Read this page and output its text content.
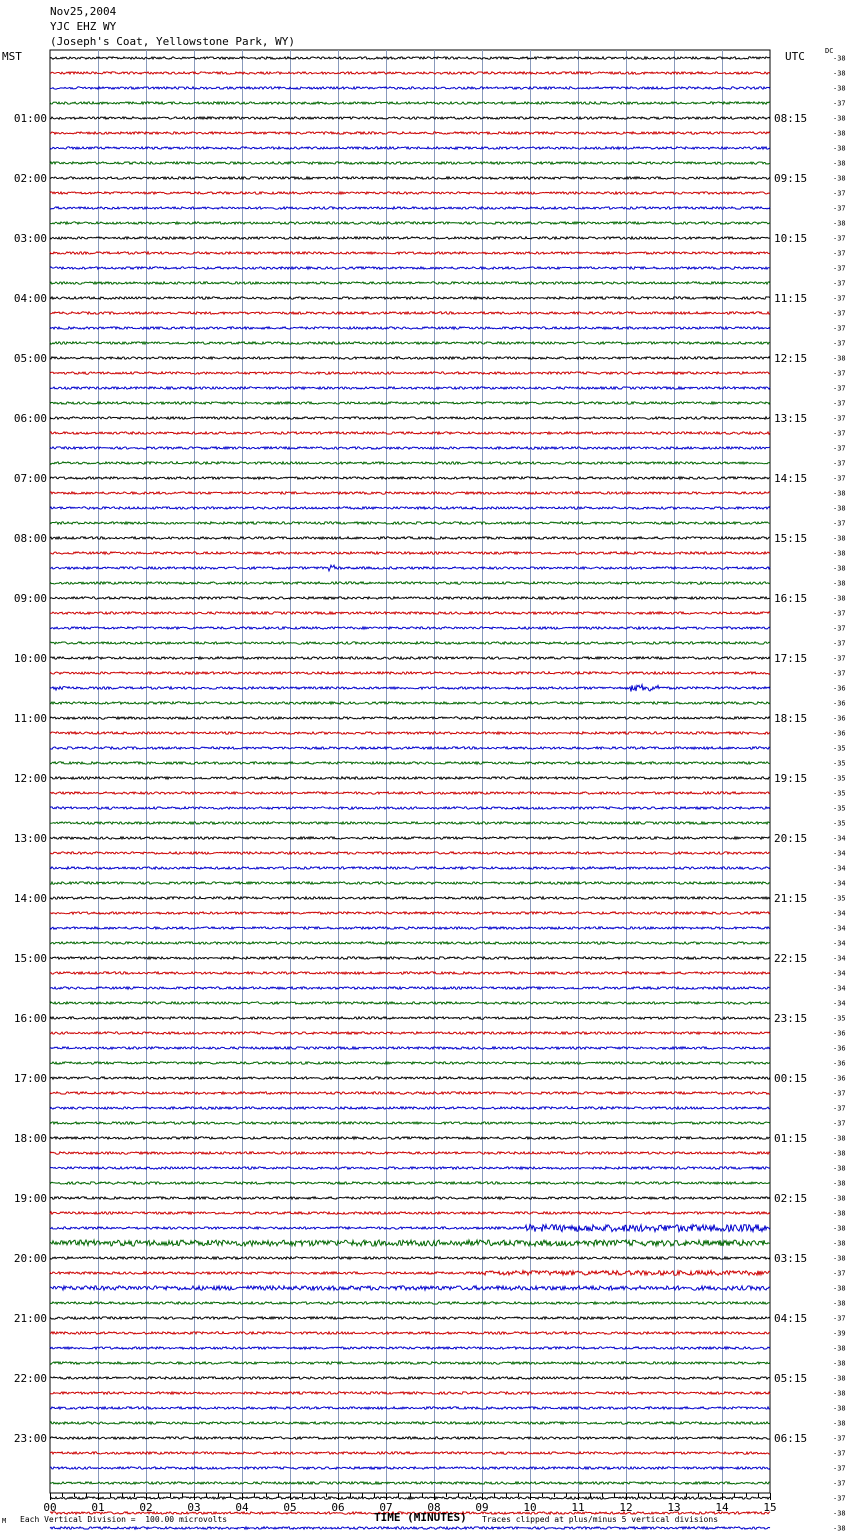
Nov25,2004
YJC EHZ WY
(Joseph's Coat, Yellowstone Park, WY)
MST	UTC	DC
-38
-38
-38
-37
-38
-38
-38
-38
-38
-37
-37
-38
-37
-37
-37
-37
-37
-37
-37
-37
-38
-37
-37
-37
-37
-37
-37
-37
-37
-38
-38
-37
-38
-38
-38
-38
-38
-37
-37
-37
-37
-37
-36
-36
-36
-36
-35
-35
-35
-35
-35
-35
-34
-34
-34
-34
-35
-34
-34
-34
-34
-34
-34
-34
-35
-36
-36
-36
-36
-37
-37
-37
-38
-38
-38
-38
-38
-38
-38
-38
-38
-37
-38
-38
-37
-39
-38
-38
-38
-38
-38
-38
-37
-37
-37
-37
-37
-38
-38
01:00	08:15
02:00	09:15
03:00	10:15
04:00	11:15
05:00	12:15
06:00	13:15
07:00	14:15
08:00	15:15
09:00	16:15
10:00	17:15
11:00	18:15
12:00	19:15
13:00	20:15
14:00	21:15
15:00	22:15
16:00	23:15
17:00	00:15
18:00	01:15
19:00	02:15
20:00	03:15
21:00	04:15
22:00	05:15
23:00	06:15
00	01	02	03	04	05	06	07	08	09	10	11	12	13	14	15
TIME (MINUTES)
Each Vertical Division =  100.00 microvolts	Traces clipped at plus/minus 5 vertical divisions
M
